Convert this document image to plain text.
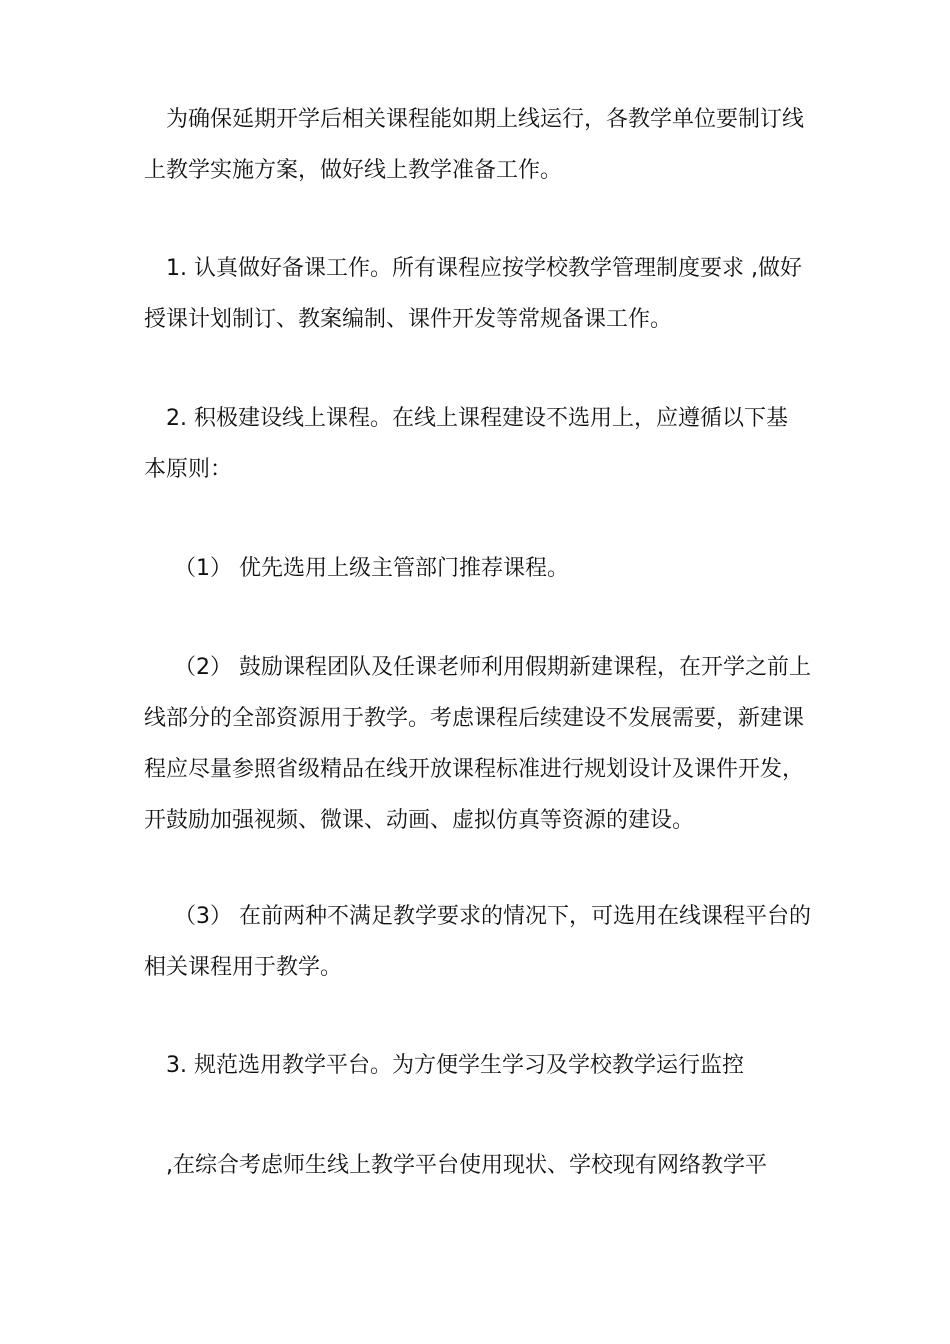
为确保延期开学后相关课程能如期上线运行，各教学单位要制订线
上教学实施方案，做好线上教学准备工作。

1. 认真做好备课工作。所有课程应按学校教学管理制度要求 ,做好
授课计划制订、教案编制、课件开发等常规备课工作。

2. 积极建设线上课程。在线上课程建设不选用上，应遵循以下基
本原则：

（1） 优先选用上级主管部门推荐课程。

（2） 鼓励课程团队及任课老师利用假期新建课程，在开学之前上
线部分的全部资源用于教学。考虑课程后续建设不发展需要，新建课
程应尽量参照省级精品在线开放课程标准进行规划设计及课件开发，
开鼓励加强视频、微课、动画、虚拟仿真等资源的建设。

（3） 在前两种不满足教学要求的情况下，可选用在线课程平台的
相关课程用于教学。

3. 规范选用教学平台。为方便学生学习及学校教学运行监控

,在综合考虑师生线上教学平台使用现状、学校现有网络教学平
